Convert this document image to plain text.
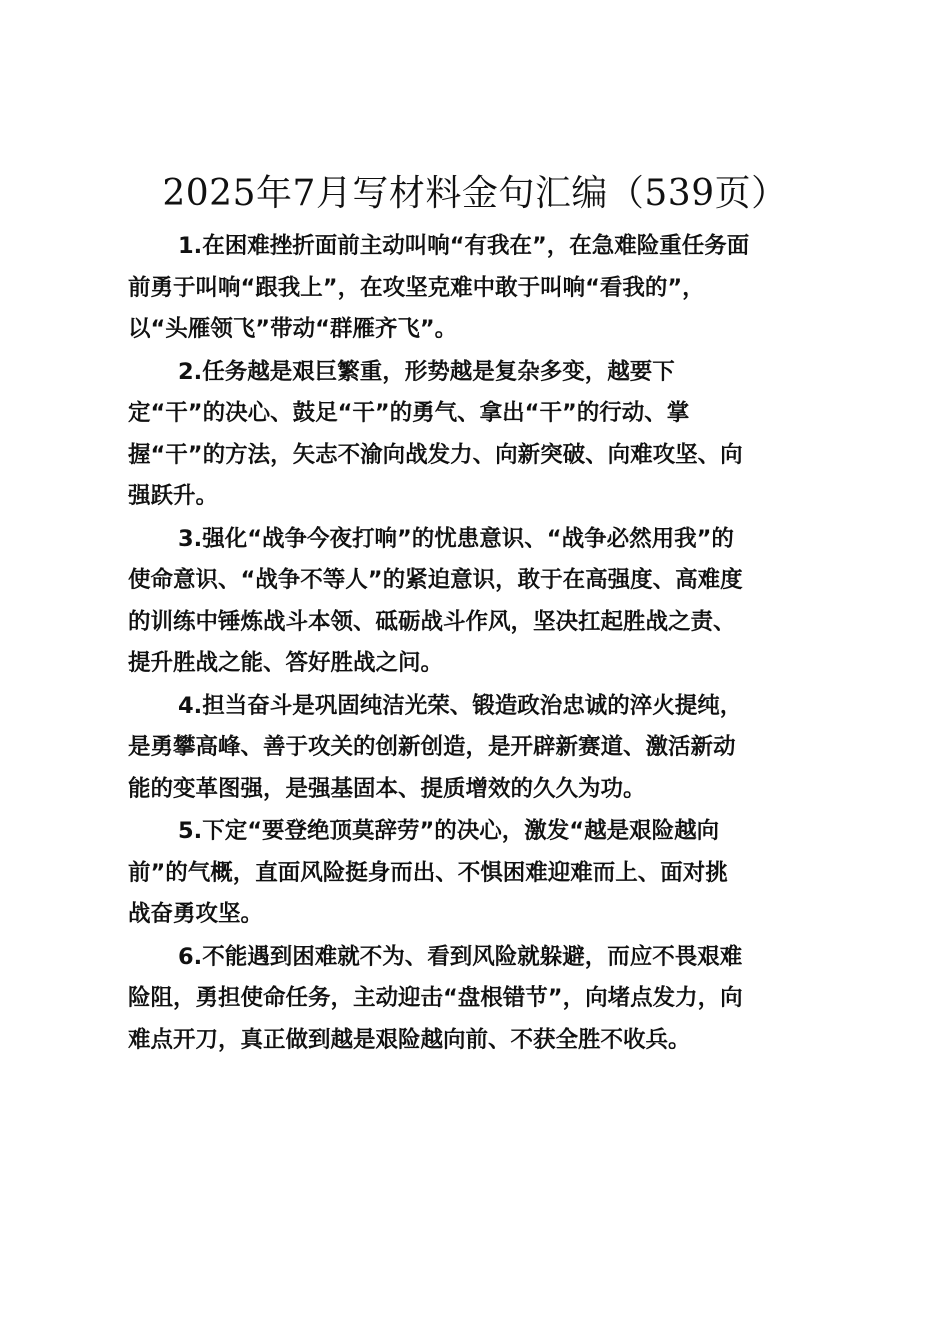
2025年7月写材料金句汇编（539页）

1.在困难挫折面前主动叫响“有我在”，在急难险重任务面
前勇于叫响“跟我上”，在攻坚克难中敢于叫响“看我的”，
以“头雁领飞”带动“群雁齐飞”。

2.任务越是艰巨繁重，形势越是复杂多变，越要下
定“干”的决心、鼓足“干”的勇气、拿出“干”的行动、掌
握“干”的方法，矢志不渝向战发力、向新突破、向难攻坚、向
强跃升。

3.强化“战争今夜打响”的忧患意识、“战争必然用我”的
使命意识、“战争不等人”的紧迫意识，敢于在高强度、高难度
的训练中锤炼战斗本领、砥砺战斗作风，坚决扛起胜战之责、
提升胜战之能、答好胜战之问。

4.担当奋斗是巩固纯洁光荣、锻造政治忠诚的淬火提纯，
是勇攀高峰、善于攻关的创新创造，是开辟新赛道、激活新动
能的变革图强，是强基固本、提质增效的久久为功。

5.下定“要登绝顶莫辞劳”的决心，激发“越是艰险越向
前”的气概，直面风险挺身而出、不惧困难迎难而上、面对挑
战奋勇攻坚。

6.不能遇到困难就不为、看到风险就躲避，而应不畏艰难
险阻，勇担使命任务，主动迎击“盘根错节”，向堵点发力，向
难点开刀，真正做到越是艰险越向前、不获全胜不收兵。
